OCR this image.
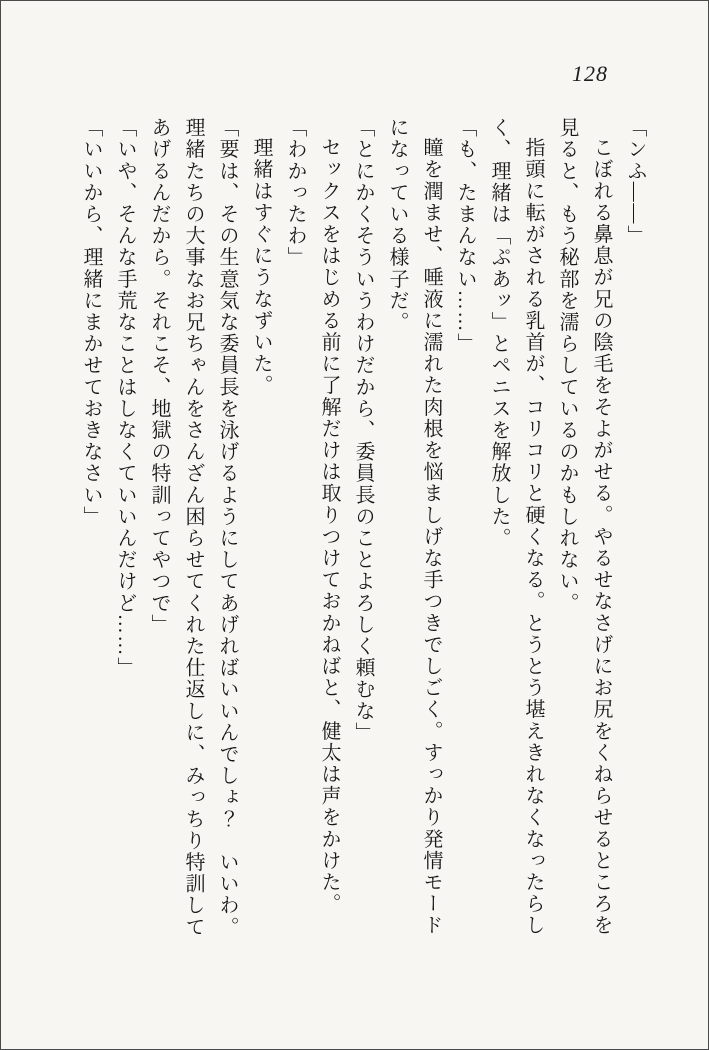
128
「ンふ――」
こぼれる鼻息が兄の陰毛をそよがせる。やるせなさげにお尻をくねらせるところを
見ると、もう秘部を濡らしているのかもしれない。
指頭に転がされる乳首が、コリコリと硬くなる。とうとう堪えきれなくなったらし
く、理緒は「ぷあッ」とペニスを解放した。
「も、たまんない……」
瞳を潤ませ、唾液に濡れた肉根を悩ましげな手つきでしごく。すっかり発情モード
になっている様子だ。
「とにかくそういうわけだから、委員長のことよろしく頼むな」
セックスをはじめる前に了解だけは取りつけておかねばと、健太は声をかけた。
「わかったわ」
理緒はすぐにうなずいた。
「要は、その生意気な委員長を泳げるようにしてあげればいいんでしょ？　いいわ。
理緒たちの大事なお兄ちゃんをさんざん困らせてくれた仕返しに、みっちり特訓して
あげるんだから。それこそ、地獄の特訓ってやつで」
「いや、そんな手荒なことはしなくていいんだけど……」
「いいから、理緒にまかせておきなさい」
